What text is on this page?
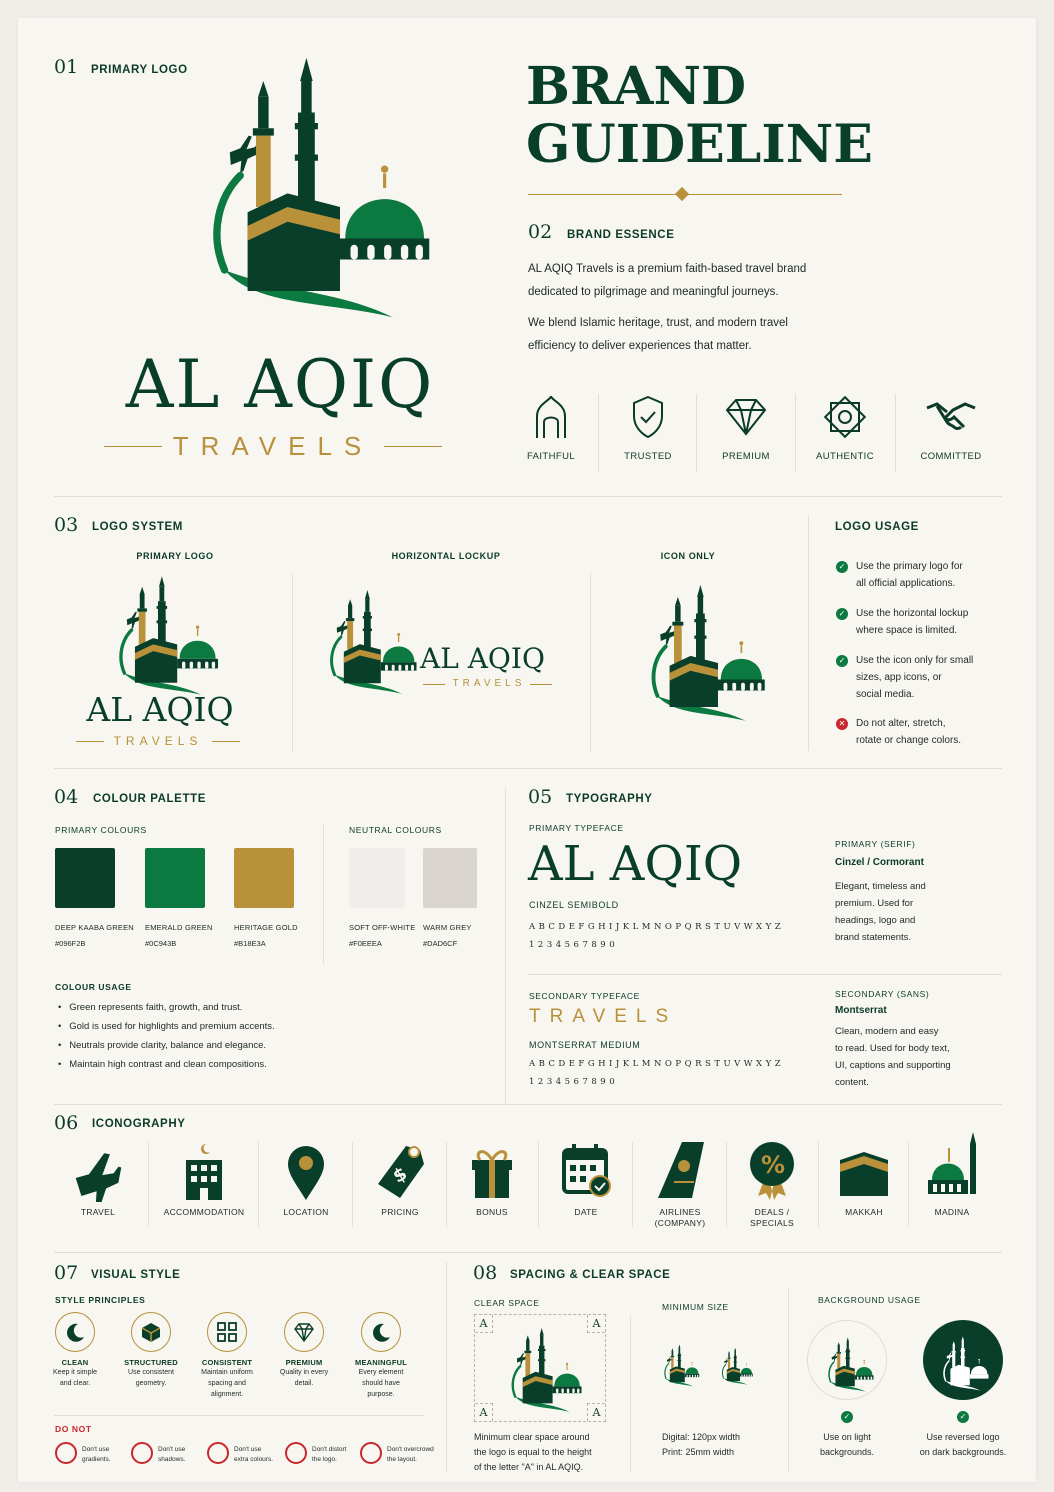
01 PRIMARY LOGO
AL AQIQ
TRAVELS
BRAND
GUIDELINE
02 BRAND ESSENCE
AL AQIQ Travels is a premium faith-based travel brand
dedicated to pilgrimage and meaningful journeys.
We blend Islamic heritage, trust, and modern travel
efficiency to deliver experiences that matter.
FAITHFUL	TRUSTED	PREMIUM	AUTHENTIC	COMMITTED
03 LOGO SYSTEM
PRIMARY LOGO	HORIZONTAL LOCKUP	ICON ONLY
AL AQIQ
TRAVELS
AL AQIQ
TRAVELS
LOGO USAGE
✓ Use the primary logo for
all official applications.
✓ Use the horizontal lockup
where space is limited.
✓ Use the icon only for small
sizes, app icons, or
social media.
✕ Do not alter, stretch,
rotate or change colors.
04 COLOUR PALETTE
PRIMARY COLOURS	NEUTRAL COLOURS
DEEP KAABA GREEN
#096F2B
EMERALD GREEN
#0C943B
HERITAGE GOLD
#B18E3A
SOFT OFF-WHITE
#F0EEEA
WARM GREY
#DAD6CF
COLOUR USAGE
•   Green represents faith, growth, and trust.
•   Gold is used for highlights and premium accents.
•   Neutrals provide clarity, balance and elegance.
•   Maintain high contrast and clean compositions.
05 TYPOGRAPHY
PRIMARY TYPEFACE
AL AQIQ
CINZEL SEMIBOLD
A B C D E F G H I J K L M N O P Q R S T U V W X Y Z
1 2 3 4 5 6 7 8 9 0
PRIMARY (SERIF)
Cinzel / Cormorant
Elegant, timeless and
premium. Used for
headings, logo and
brand statements.
SECONDARY TYPEFACE
TRAVELS
MONTSERRAT MEDIUM
A B C D E F G H I J K L M N O P Q R S T U V W X Y Z
1 2 3 4 5 6 7 8 9 0
SECONDARY (SANS)
Montserrat
Clean, modern and easy
to read. Used for body text,
UI, captions and supporting
content.
06 ICONOGRAPHY
TRAVEL	ACCOMMODATION	LOCATION
$
PRICING	BONUS	DATE	AIRLINES
(COMPANY)
%
DEALS /
SPECIALS
MAKKAH	MADINA
07 VISUAL STYLE
STYLE PRINCIPLES
CLEAN
Keep it simple
and clear.
STRUCTURED
Use consistent
geometry.
CONSISTENT
Maintain uniform
spacing and
alignment.
PREMIUM
Quality in every
detail.
MEANINGFUL
Every element
should have
purpose.
DO NOT
Don't use
gradients.
Don't use
shadows.
Don't use
extra colours.
Don't distort
the logo.
Don't overcrowd
the layout.
08 SPACING & CLEAR SPACE
CLEAR SPACE
A	A
A	A
Minimum clear space around
the logo is equal to the height
of the letter "A" in AL AQIQ.
MINIMUM SIZE
Digital: 120px width
Print: 25mm width
BACKGROUND USAGE
✓
Use on light
backgrounds.
✓
Use reversed logo
on dark backgrounds.
